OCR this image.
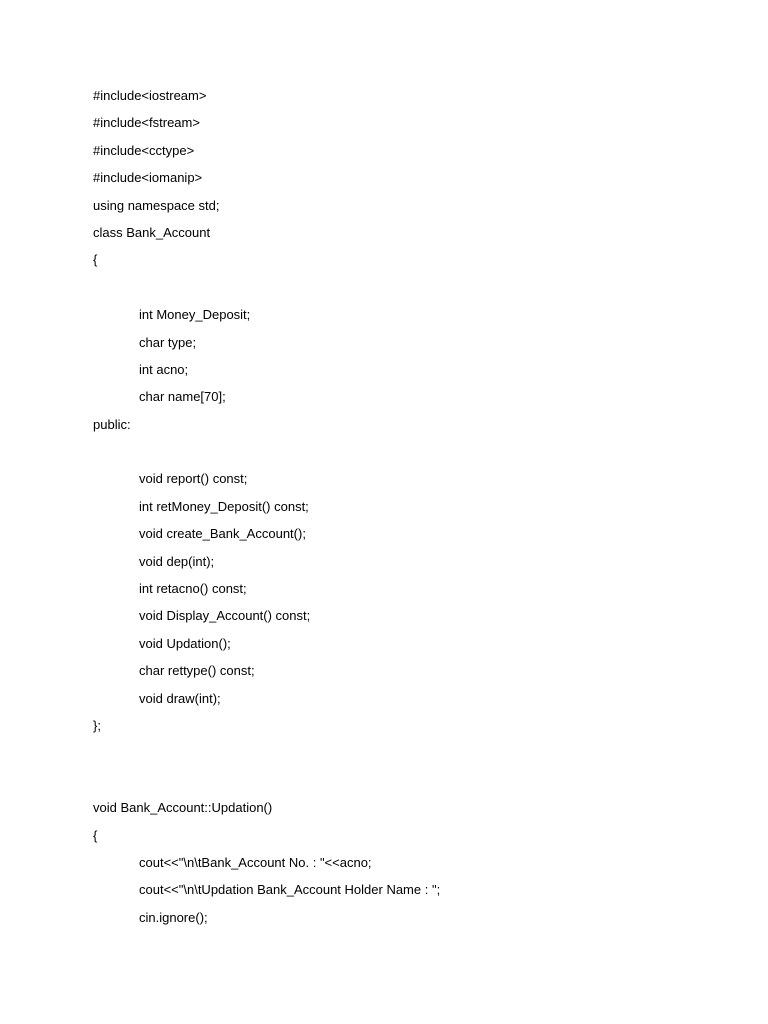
#include<iostream>
#include<fstream>
#include<cctype>
#include<iomanip>
using namespace std;
class Bank_Account
{
int Money_Deposit;
char type;
int acno;
char name[70];
public:
void report() const;
int retMoney_Deposit() const;
void create_Bank_Account();
void dep(int);
int retacno() const;
void Display_Account() const;
void Updation();
char rettype() const;
void draw(int);
};
void Bank_Account::Updation()
{
cout<<"\n\tBank_Account No. : "<<acno;
cout<<"\n\tUpdation Bank_Account Holder Name : ";
cin.ignore();
